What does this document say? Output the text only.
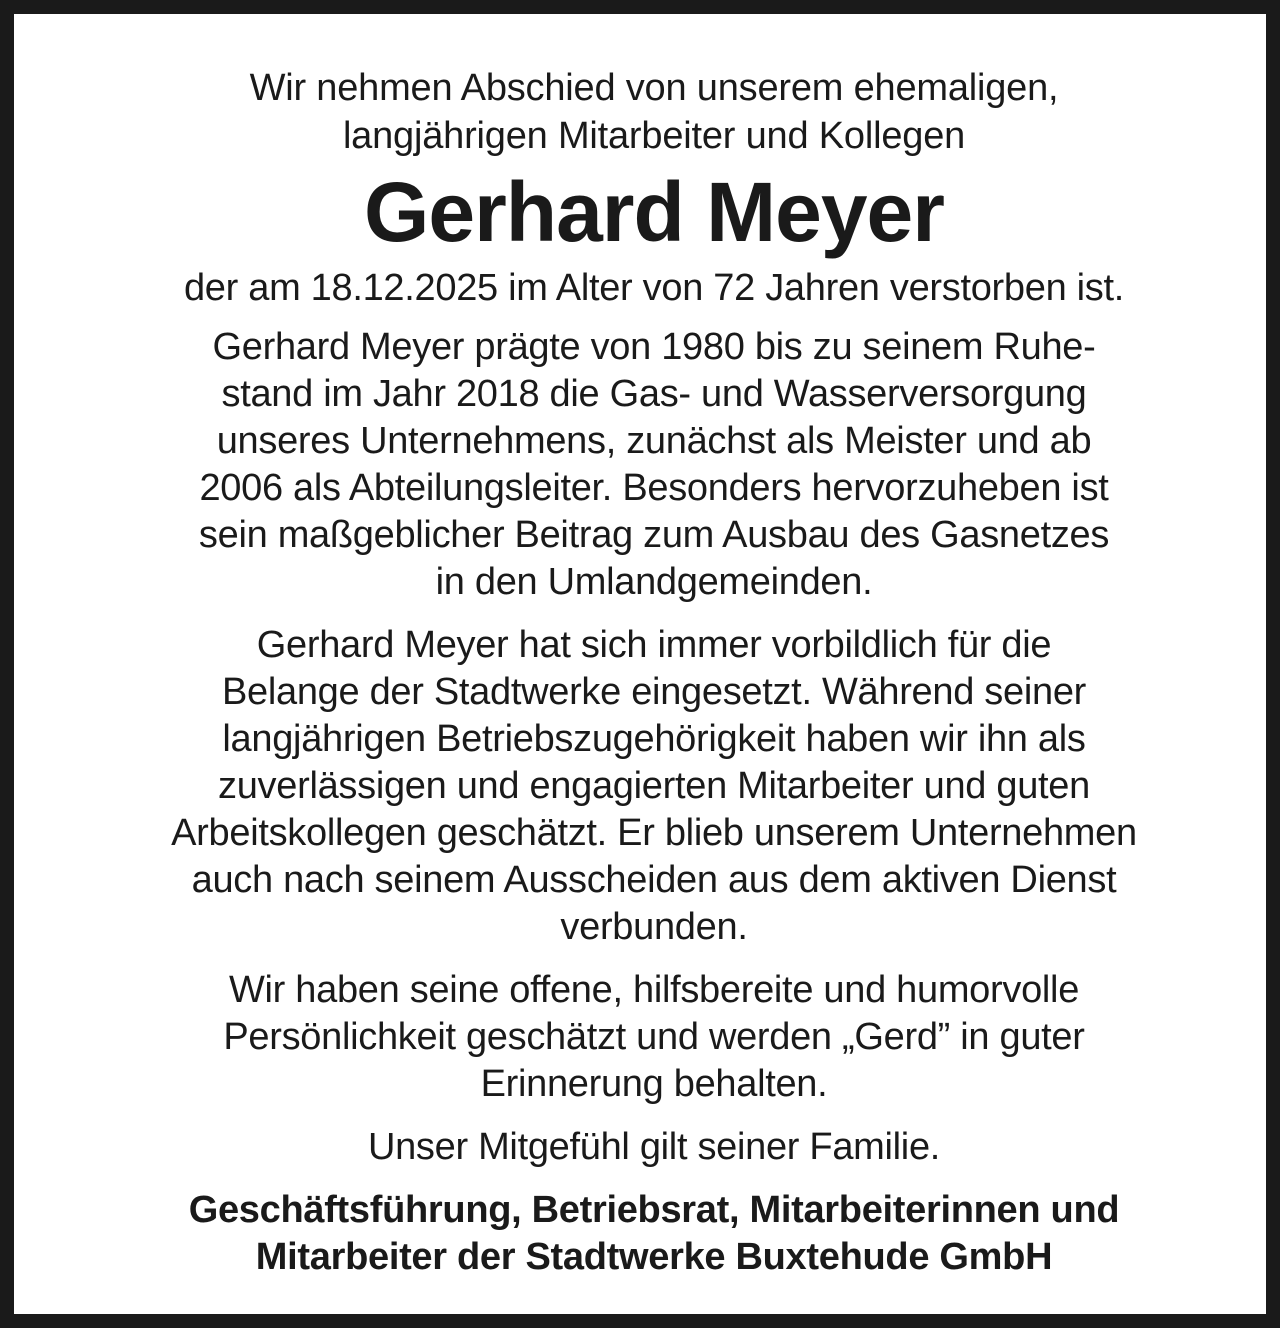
Wir nehmen Abschied von unserem ehemaligen,
langjährigen Mitarbeiter und Kollegen
Gerhard Meyer
der am 18.12.2025 im Alter von 72 Jahren verstorben ist.
Gerhard Meyer prägte von 1980 bis zu seinem Ruhe-
stand im Jahr 2018 die Gas- und Wasserversorgung
unseres Unternehmens, zunächst als Meister und ab
2006 als Abteilungsleiter. Besonders hervorzuheben ist
sein maßgeblicher Beitrag zum Ausbau des Gasnetzes
in den Umlandgemeinden.
Gerhard Meyer hat sich immer vorbildlich für die
Belange der Stadtwerke eingesetzt. Während seiner
langjährigen Betriebszugehörigkeit haben wir ihn als
zuverlässigen und engagierten Mitarbeiter und guten
Arbeitskollegen geschätzt. Er blieb unserem Unternehmen
auch nach seinem Ausscheiden aus dem aktiven Dienst
verbunden.
Wir haben seine offene, hilfsbereite und humorvolle
Persönlichkeit geschätzt und werden „Gerd” in guter
Erinnerung behalten.
Unser Mitgefühl gilt seiner Familie.
Geschäftsführung, Betriebsrat, Mitarbeiterinnen und
Mitarbeiter der Stadtwerke Buxtehude GmbH
